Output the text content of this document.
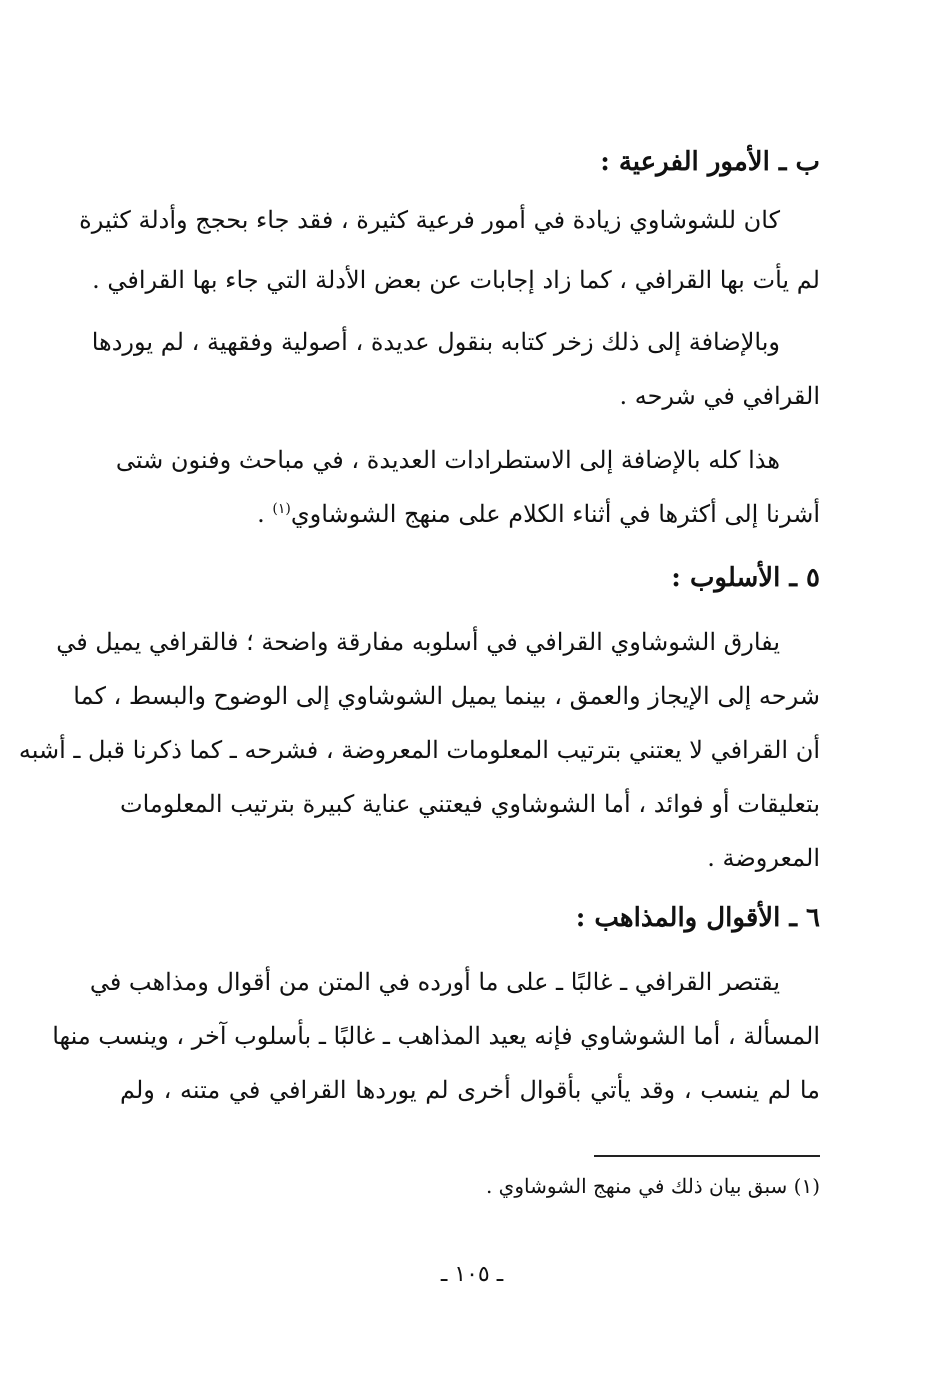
ب ـ الأمور الفرعية :
كان للشوشاوي زيادة في أمور فرعية كثيرة ، فقد جاء بحجج وأدلة كثيرة
لم يأت بها القرافي ، كما زاد إجابات عن بعض الأدلة التي جاء بها القرافي .
وبالإضافة إلى ذلك زخر كتابه بنقول عديدة ، أصولية وفقهية ، لم يوردها
القرافي في شرحه .
هذا كله بالإضافة إلى الاستطرادات العديدة ، في مباحث وفنون شتى
أشرنا إلى أكثرها في أثناء الكلام على منهج الشوشاوي$^{(١)}$ .
٥ ـ الأسلوب :
يفارق الشوشاوي القرافي في أسلوبه مفارقة واضحة ؛ فالقرافي يميل في
شرحه إلى الإيجاز والعمق ، بينما يميل الشوشاوي إلى الوضوح والبسط ، كما
أن القرافي لا يعتني بترتيب المعلومات المعروضة ، فشرحه ـ كما ذكرنا قبل ـ أشبه
بتعليقات أو فوائد ، أما الشوشاوي فيعتني عناية كبيرة بترتيب المعلومات
المعروضة .
٦ ـ الأقوال والمذاهب :
يقتصر القرافي ـ غالبًا ـ على ما أورده في المتن من أقوال ومذاهب في
المسألة ، أما الشوشاوي فإنه يعيد المذاهب ـ غالبًا ـ بأسلوب آخر ، وينسب منها
ما لم ينسب ، وقد يأتي بأقوال أخرى لم يوردها القرافي في متنه ، ولم
(١) سبق بيان ذلك في منهج الشوشاوي .
ـ ١٠٥ ـ
